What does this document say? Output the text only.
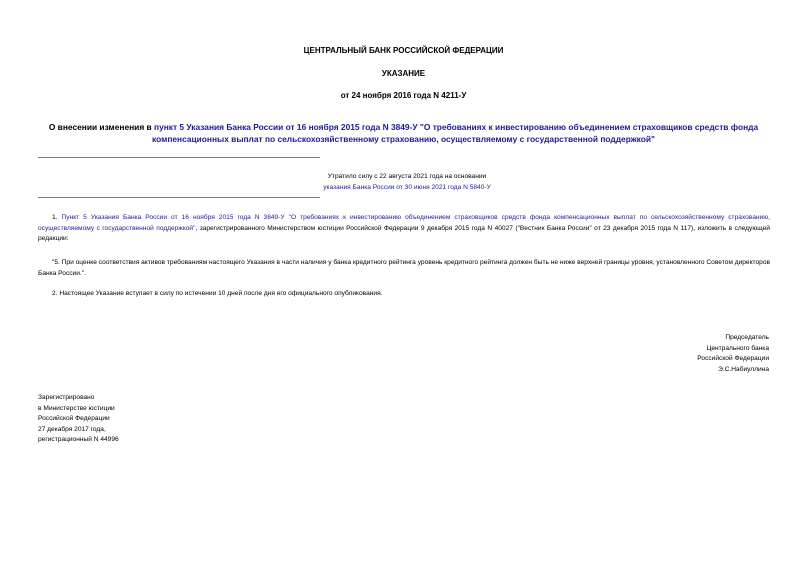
ЦЕНТРАЛЬНЫЙ БАНК РОССИЙСКОЙ ФЕДЕРАЦИИ
УКАЗАНИЕ
от 24 ноября 2016 года N 4211-У
О внесении изменения в пункт 5 Указания Банка России от 16 ноября 2015 года N 3849-У "О требованиях к инвестированию объединением страховщиков средств фонда компенсационных выплат по сельскохозяйственному страхованию, осуществляемому с государственной поддержкой"
Утратило силу с 22 августа 2021 года на основании
указания Банка России от 30 июня 2021 года N 5840-У
1. Пункт 5 Указания Банка России от 16 ноября 2015 года N 3849-У "О требованиях к инвестированию объединением страховщиков средств фонда компенсационных выплат по сельскохозяйственному страхованию, осуществляемому с государственной поддержкой", зарегистрированного Министерством юстиции Российской Федерации 9 декабря 2015 года N 40027 ("Вестник Банка России" от 23 декабря 2015 года N 117), изложить в следующей редакции:
"5. При оценке соответствия активов требованиям настоящего Указания в части наличия у банка кредитного рейтинга уровень кредитного рейтинга должен быть не ниже верхней границы уровня, установленного Советом директоров Банка России.".
2. Настоящее Указание вступает в силу по истечении 10 дней после дня его официального опубликования.
Председатель
Центрального банка
Российской Федерации
Э.С.Набиуллина
Зарегистрировано
в Министерстве юстиции
Российской Федерации
27 декабря 2017 года,
регистрационный N 44996
